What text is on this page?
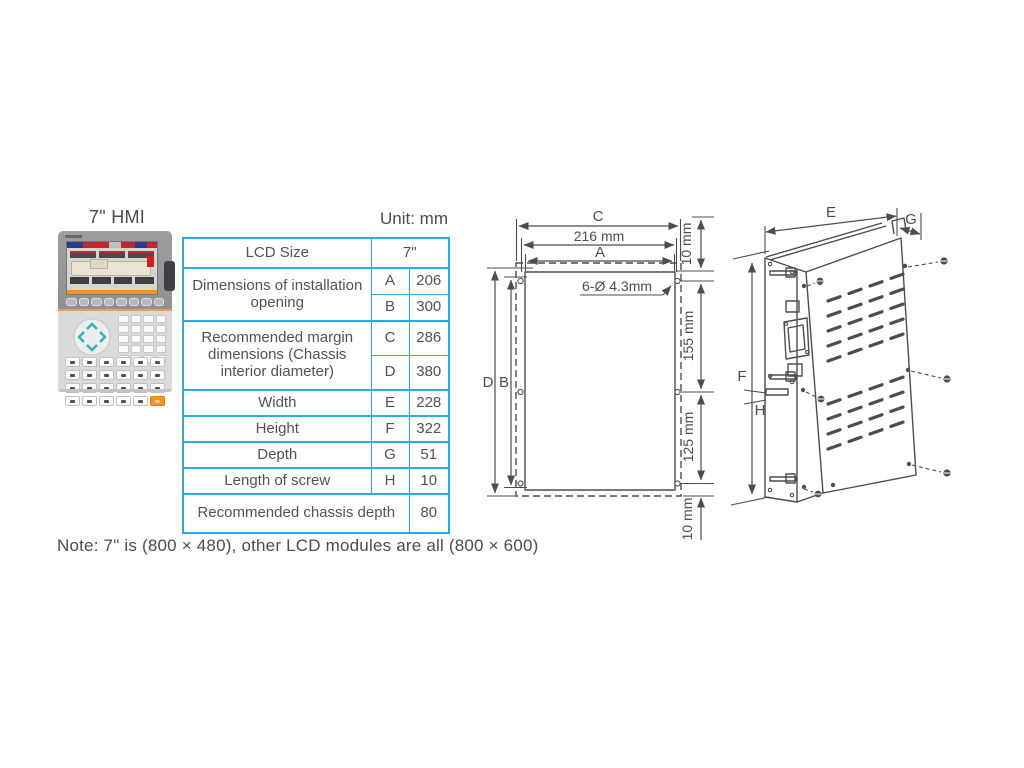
7" HMI	Unit: mm
LCD Size	7"	
Dimensions of installation opening	A	206
	B	300
Recommended margin dimensions (Chassis interior diameter)	C	286
	D	380
Width	E	228
Height	F	322
Depth	G	51
Length of screw	H	10
Recommended chassis depth		80
C
216 mm
A	10 mm
155 mm
125 mm
10 mm
D B
6-Ø 4.3mm
E	G
F
H
Note: 7" is (800 × 480), other LCD modules are all (800 × 600)
